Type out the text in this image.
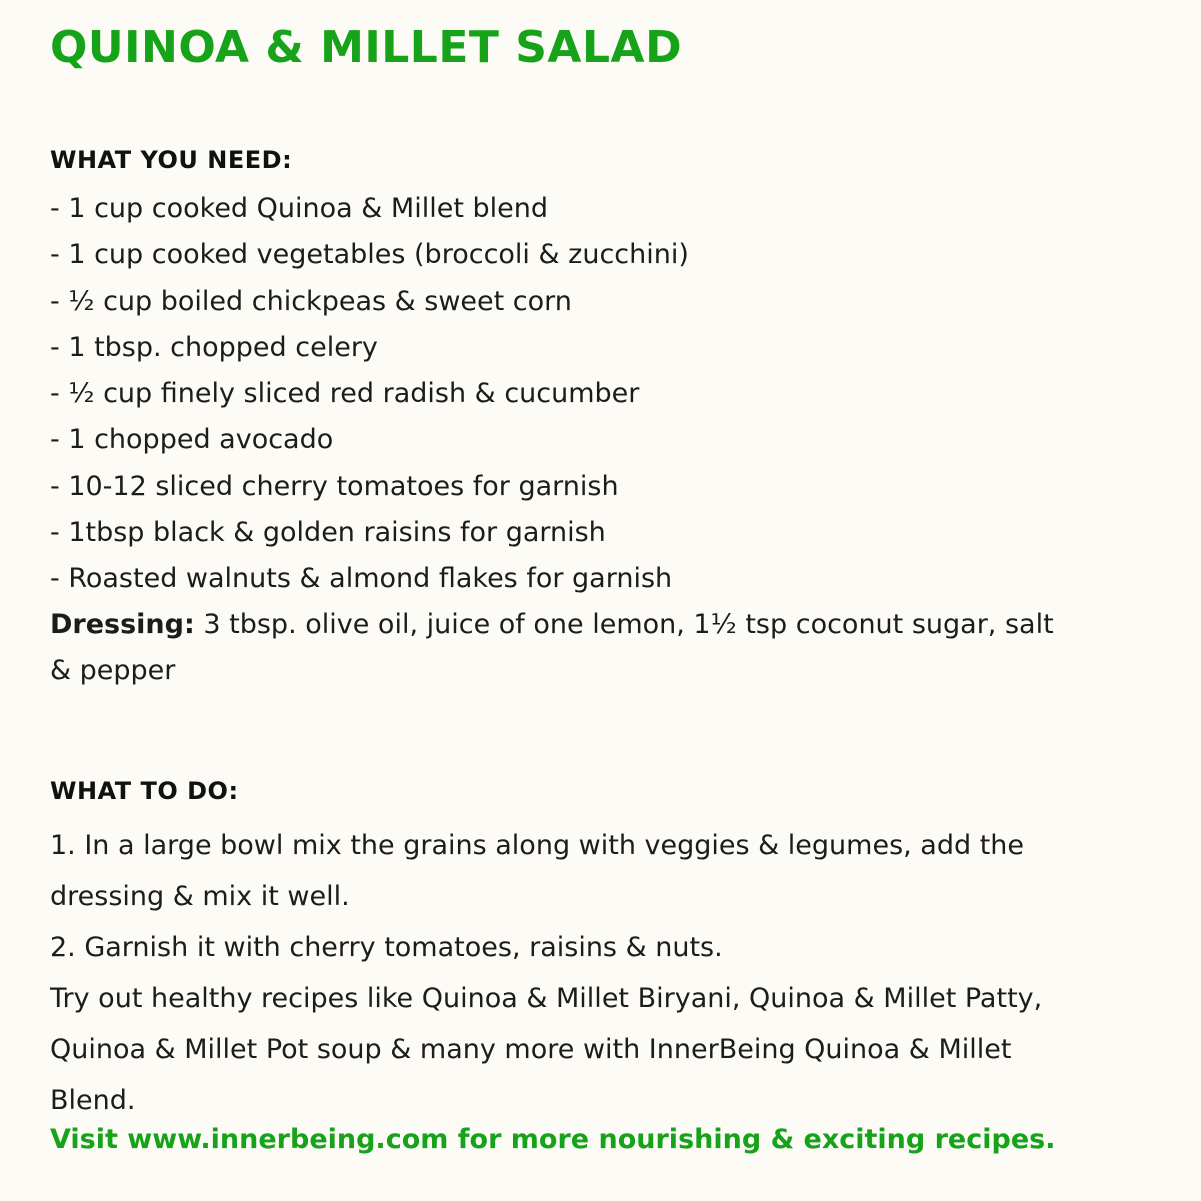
QUINOA & MILLET SALAD
WHAT YOU NEED:
- 1 cup cooked Quinoa & Millet blend
- 1 cup cooked vegetables (broccoli & zucchini)
- ½ cup boiled chickpeas & sweet corn
- 1 tbsp. chopped celery
- ½ cup finely sliced red radish & cucumber
- 1 chopped avocado
- 10-12 sliced cherry tomatoes for garnish
- 1tbsp black & golden raisins for garnish
- Roasted walnuts & almond flakes for garnish

Dressing: 3 tbsp. olive oil, juice of one lemon, 1½ tsp coconut sugar, salt & pepper

WHAT TO DO:

1. In a large bowl mix the grains along with veggies & legumes, add the dressing & mix it well.

2. Garnish it with cherry tomatoes, raisins & nuts.

Try out healthy recipes like Quinoa & Millet Biryani, Quinoa & Millet Patty, Quinoa & Millet Pot soup & many more with InnerBeing Quinoa & Millet Blend.

Visit www.innerbeing.com for more nourishing & exciting recipes.
